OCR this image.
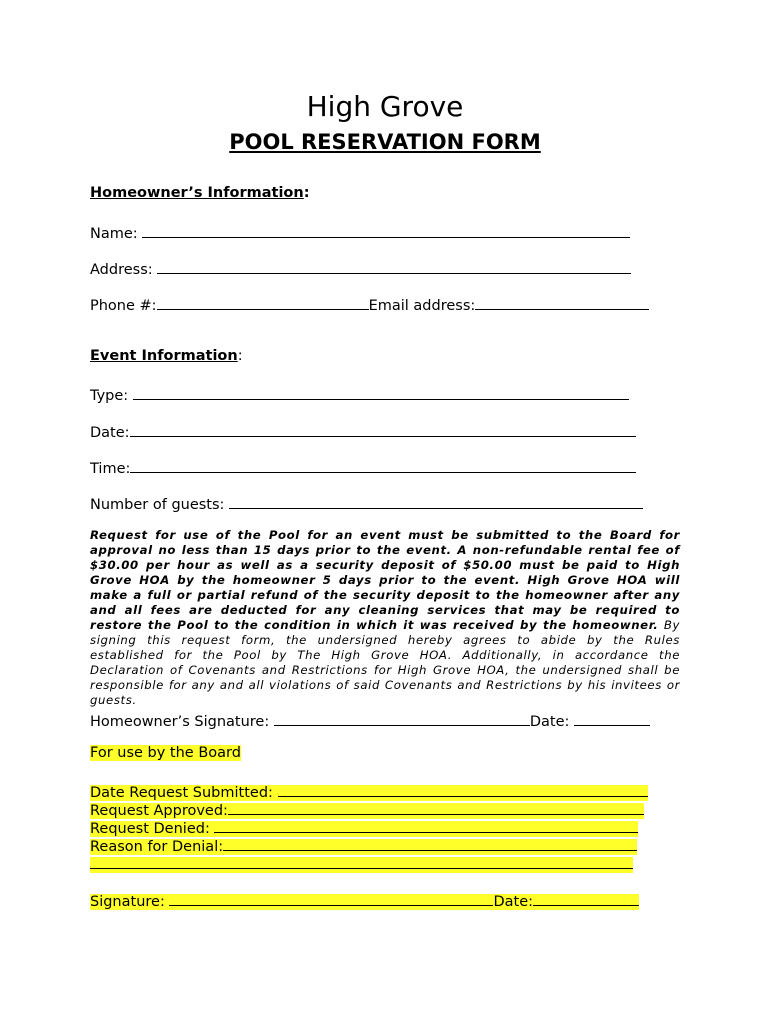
High Grove
POOL RESERVATION FORM
Homeowner’s Information:
Name:
Address:
Phone #:	Email address:
Event Information:
Type:
Date:
Time:
Number of guests:
Request for use of the Pool for an event must be submitted to the Board for approval no less than 15 days prior to the event. A non-refundable rental fee of $30.00 per hour as well as a security deposit of $50.00 must be paid to High Grove HOA by the homeowner 5 days prior to the event. High Grove HOA will make a full or partial refund of the security deposit to the homeowner after any and all fees are deducted for any cleaning services that may be required to restore the Pool to the condition in which it was received by the homeowner. By signing this request form, the undersigned hereby agrees to abide by the Rules established for the Pool by The High Grove HOA. Additionally, in accordance the Declaration of Covenants and Restrictions for High Grove HOA, the undersigned shall be responsible for any and all violations of said Covenants and Restrictions by his invitees or guests.
Homeowner’s Signature:	Date:
For use by the Board
Date Request Submitted:
Request Approved:
Request Denied:
Reason for Denial:
Signature:	Date:
